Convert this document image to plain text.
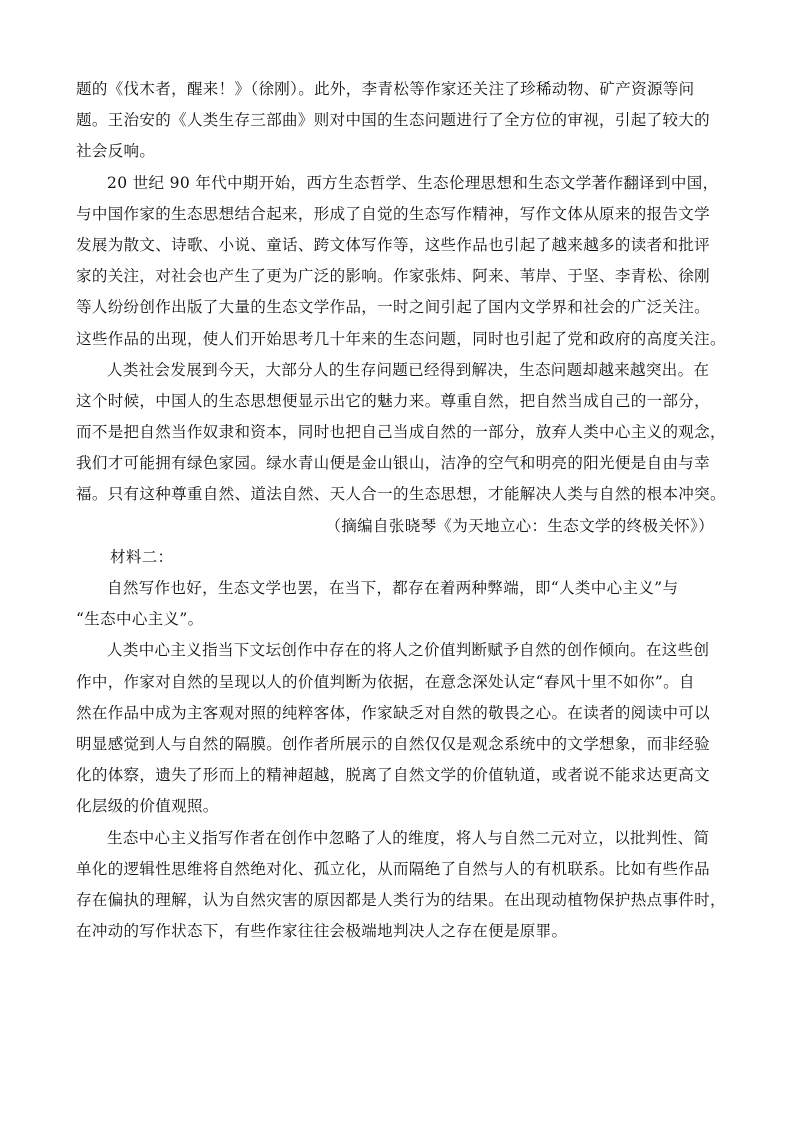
题的《伐木者，醒来！》（徐刚）。此外，李青松等作家还关注了珍稀动物、矿产资源等问
题。王治安的《人类生存三部曲》则对中国的生态问题进行了全方位的审视，引起了较大的
社会反响。
20 世纪 90 年代中期开始，西方生态哲学、生态伦理思想和生态文学著作翻译到中国，
与中国作家的生态思想结合起来，形成了自觉的生态写作精神，写作文体从原来的报告文学
发展为散文、诗歌、小说、童话、跨文体写作等，这些作品也引起了越来越多的读者和批评
家的关注，对社会也产生了更为广泛的影响。作家张炜、阿来、苇岸、于坚、李青松、徐刚
等人纷纷创作出版了大量的生态文学作品，一时之间引起了国内文学界和社会的广泛关注。
这些作品的出现，使人们开始思考几十年来的生态问题，同时也引起了党和政府的高度关注。
人类社会发展到今天，大部分人的生存问题已经得到解决，生态问题却越来越突出。在
这个时候，中国人的生态思想便显示出它的魅力来。尊重自然，把自然当成自己的一部分，
而不是把自然当作奴隶和资本，同时也把自己当成自然的一部分，放弃人类中心主义的观念，
我们才可能拥有绿色家园。绿水青山便是金山银山，洁净的空气和明亮的阳光便是自由与幸
福。只有这种尊重自然、道法自然、天人合一的生态思想，才能解决人类与自然的根本冲突。
（摘编自张晓琴《为天地立心：生态文学的终极关怀》）
材料二：
自然写作也好，生态文学也罢，在当下，都存在着两种弊端，即“人类中心主义”与
“生态中心主义”。
人类中心主义指当下文坛创作中存在的将人之价值判断赋予自然的创作倾向。在这些创
作中，作家对自然的呈现以人的价值判断为依据，在意念深处认定“春风十里不如你”。自
然在作品中成为主客观对照的纯粹客体，作家缺乏对自然的敬畏之心。在读者的阅读中可以
明显感觉到人与自然的隔膜。创作者所展示的自然仅仅是观念系统中的文学想象，而非经验
化的体察，遗失了形而上的精神超越，脱离了自然文学的价值轨道，或者说不能求达更高文
化层级的价值观照。
生态中心主义指写作者在创作中忽略了人的维度，将人与自然二元对立，以批判性、简
单化的逻辑性思维将自然绝对化、孤立化，从而隔绝了自然与人的有机联系。比如有些作品
存在偏执的理解，认为自然灾害的原因都是人类行为的结果。在出现动植物保护热点事件时，
在冲动的写作状态下，有些作家往往会极端地判决人之存在便是原罪。
